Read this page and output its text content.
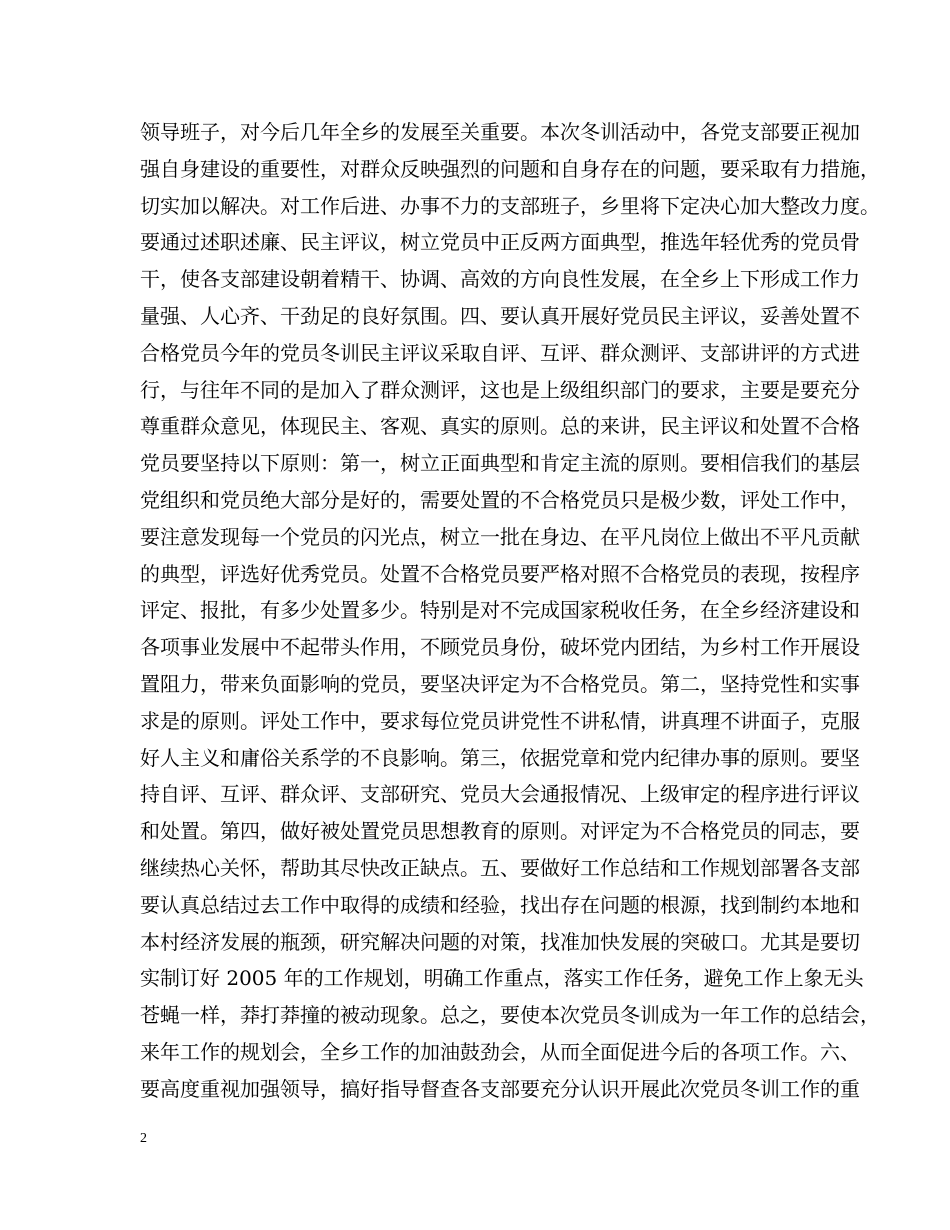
领导班子，对今后几年全乡的发展至关重要。本次冬训活动中，各党支部要正视加
强自身建设的重要性，对群众反映强烈的问题和自身存在的问题，要采取有力措施，
切实加以解决。对工作后进、办事不力的支部班子，乡里将下定决心加大整改力度。
要通过述职述廉、民主评议，树立党员中正反两方面典型，推选年轻优秀的党员骨
干，使各支部建设朝着精干、协调、高效的方向良性发展，在全乡上下形成工作力
量强、人心齐、干劲足的良好氛围。四、要认真开展好党员民主评议，妥善处置不
合格党员今年的党员冬训民主评议采取自评、互评、群众测评、支部讲评的方式进
行，与往年不同的是加入了群众测评，这也是上级组织部门的要求，主要是要充分
尊重群众意见，体现民主、客观、真实的原则。总的来讲，民主评议和处置不合格
党员要坚持以下原则：第一，树立正面典型和肯定主流的原则。要相信我们的基层
党组织和党员绝大部分是好的，需要处置的不合格党员只是极少数，评处工作中，
要注意发现每一个党员的闪光点，树立一批在身边、在平凡岗位上做出不平凡贡献
的典型，评选好优秀党员。处置不合格党员要严格对照不合格党员的表现，按程序
评定、报批，有多少处置多少。特别是对不完成国家税收任务，在全乡经济建设和
各项事业发展中不起带头作用，不顾党员身份，破坏党内团结，为乡村工作开展设
置阻力，带来负面影响的党员，要坚决评定为不合格党员。第二，坚持党性和实事
求是的原则。评处工作中，要求每位党员讲党性不讲私情，讲真理不讲面子，克服
好人主义和庸俗关系学的不良影响。第三，依据党章和党内纪律办事的原则。要坚
持自评、互评、群众评、支部研究、党员大会通报情况、上级审定的程序进行评议
和处置。第四，做好被处置党员思想教育的原则。对评定为不合格党员的同志，要
继续热心关怀，帮助其尽快改正缺点。五、要做好工作总结和工作规划部署各支部
要认真总结过去工作中取得的成绩和经验，找出存在问题的根源，找到制约本地和
本村经济发展的瓶颈，研究解决问题的对策，找准加快发展的突破口。尤其是要切
实制订好 2005 年的工作规划，明确工作重点，落实工作任务，避免工作上象无头
苍蝇一样，莽打莽撞的被动现象。总之，要使本次党员冬训成为一年工作的总结会，
来年工作的规划会，全乡工作的加油鼓劲会，从而全面促进今后的各项工作。六、
要高度重视加强领导，搞好指导督查各支部要充分认识开展此次党员冬训工作的重
2
